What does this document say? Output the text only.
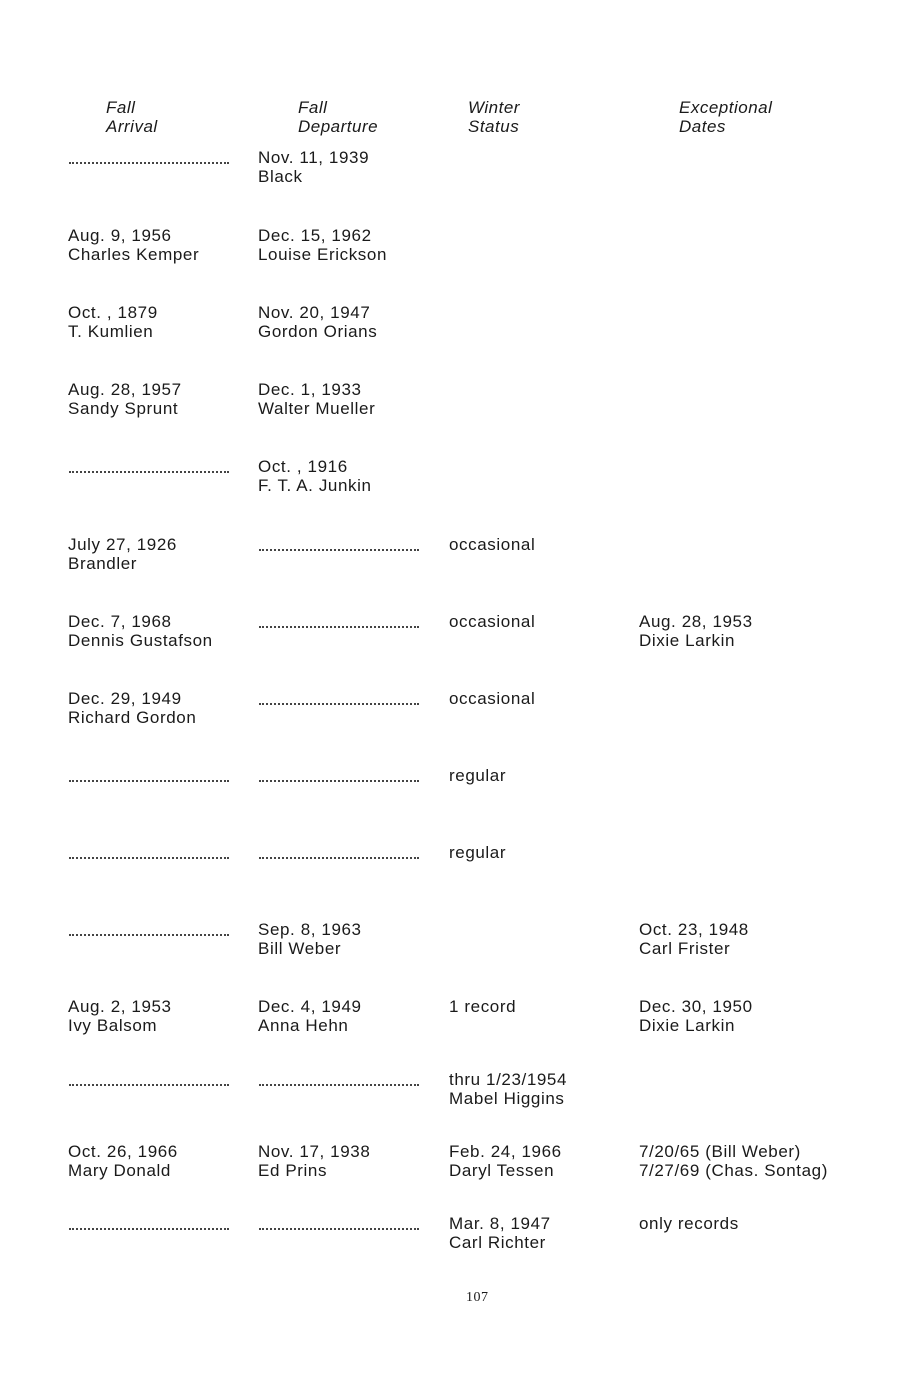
Fall
Arrival
Fall
Departure
Winter
Status
Exceptional
Dates
Nov. 11, 1939
Black
Aug. 9, 1956
Charles Kemper
Dec. 15, 1962
Louise Erickson
Oct. , 1879
T. Kumlien
Nov. 20, 1947
Gordon Orians
Aug. 28, 1957
Sandy Sprunt
Dec. 1, 1933
Walter Mueller
Oct. , 1916
F. T. A. Junkin
July 27, 1926
Brandler
occasional
Dec. 7, 1968
Dennis Gustafson
occasional	Aug. 28, 1953
Dixie Larkin
Dec. 29, 1949
Richard Gordon
occasional
regular
regular
Sep. 8, 1963
Bill Weber
Oct. 23, 1948
Carl Frister
Aug. 2, 1953
Ivy Balsom
Dec. 4, 1949
Anna Hehn
1 record	Dec. 30, 1950
Dixie Larkin
thru 1/23/1954
Mabel Higgins
Oct. 26, 1966
Mary Donald
Nov. 17, 1938
Ed Prins
Feb. 24, 1966
Daryl Tessen
7/20/65 (Bill Weber)
7/27/69 (Chas. Sontag)
Mar. 8, 1947
Carl Richter
only records
107
